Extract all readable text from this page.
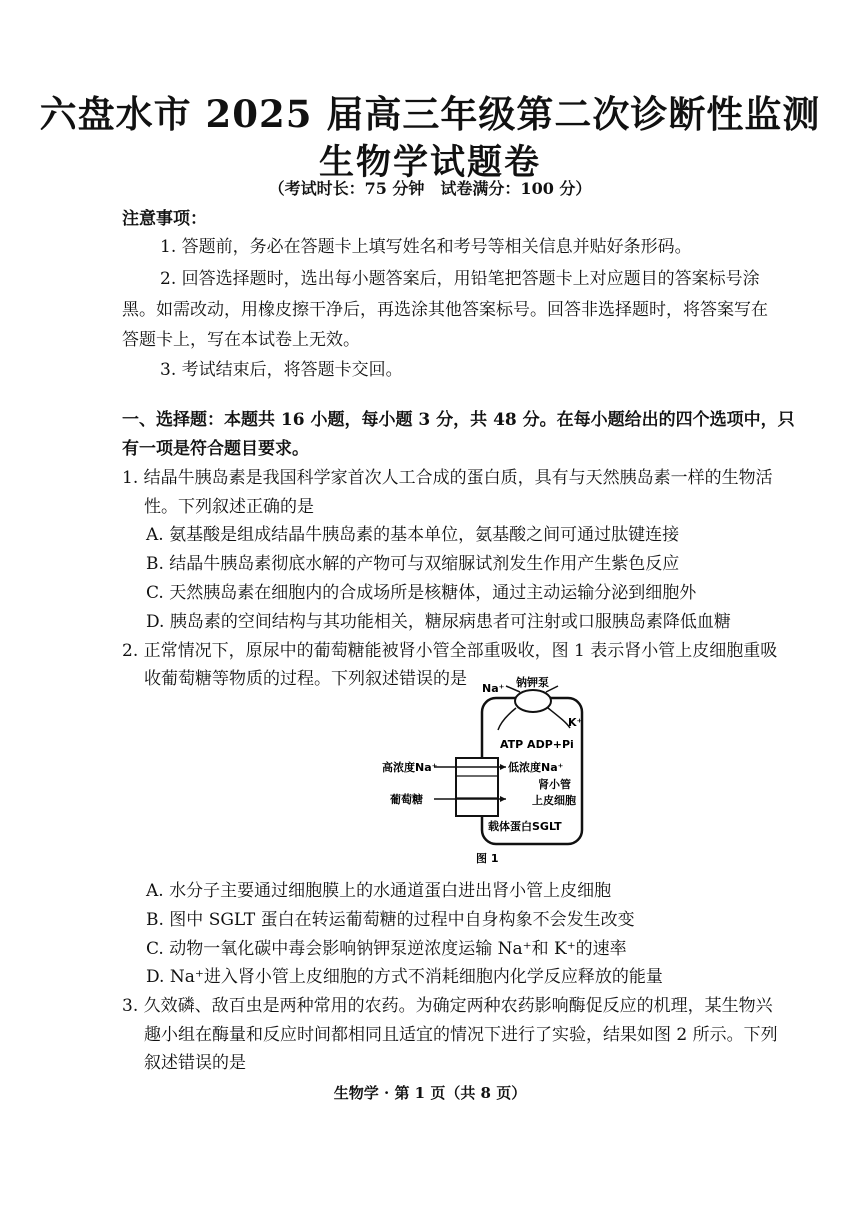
六盘水市 2025 届高三年级第二次诊断性监测
生物学试题卷
（考试时长：75 分钟　试卷满分：100 分）
注意事项：
1. 答题前，务必在答题卡上填写姓名和考号等相关信息并贴好条形码。
2. 回答选择题时，选出每小题答案后，用铅笔把答题卡上对应题目的答案标号涂
黑。如需改动，用橡皮擦干净后，再选涂其他答案标号。回答非选择题时，将答案写在
答题卡上，写在本试卷上无效。
3. 考试结束后，将答题卡交回。
一、选择题：本题共 16 小题，每小题 3 分，共 48 分。在每小题给出的四个选项中，只
有一项是符合题目要求。
1. 结晶牛胰岛素是我国科学家首次人工合成的蛋白质，具有与天然胰岛素一样的生物活
性。下列叙述正确的是
A. 氨基酸是组成结晶牛胰岛素的基本单位，氨基酸之间可通过肽键连接
B. 结晶牛胰岛素彻底水解的产物可与双缩脲试剂发生作用产生紫色反应
C. 天然胰岛素在细胞内的合成场所是核糖体，通过主动运输分泌到细胞外
D. 胰岛素的空间结构与其功能相关，糖尿病患者可注射或口服胰岛素降低血糖
2. 正常情况下，原尿中的葡萄糖能被肾小管全部重吸收，图 1 表示肾小管上皮细胞重吸
收葡萄糖等物质的过程。下列叙述错误的是 Na⁺ 钠钾泵
K⁺
ATP ADP+Pi
高浓度Na⁺
葡萄糖
低浓度Na⁺
肾小管
上皮细胞
载体蛋白SGLT
图 1
A. 水分子主要通过细胞膜上的水通道蛋白进出肾小管上皮细胞
B. 图中 SGLT 蛋白在转运葡萄糖的过程中自身构象不会发生改变
C. 动物一氧化碳中毒会影响钠钾泵逆浓度运输 Na⁺和 K⁺的速率
D. Na⁺进入肾小管上皮细胞的方式不消耗细胞内化学反应释放的能量
3. 久效磷、敌百虫是两种常用的农药。为确定两种农药影响酶促反应的机理，某生物兴
趣小组在酶量和反应时间都相同且适宜的情况下进行了实验，结果如图 2 所示。下列
叙述错误的是
生物学 · 第 1 页（共 8 页）
